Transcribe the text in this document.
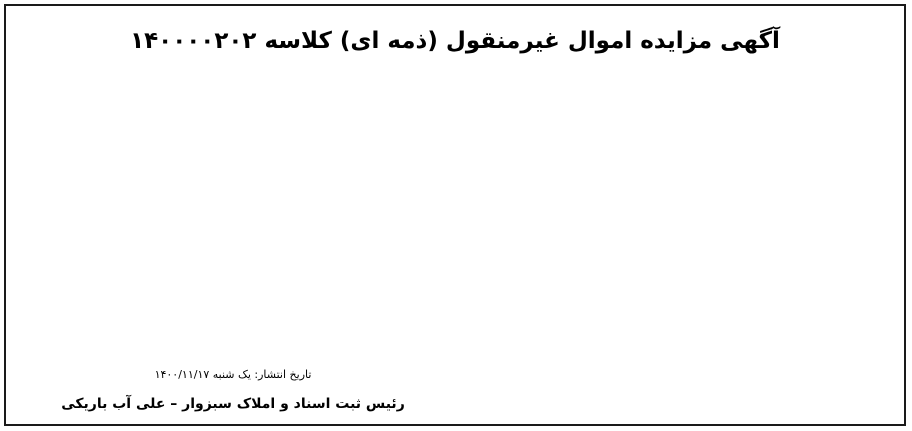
آگهی مزایده اموال غیرمنقول (ذمه ای) کلاسه ۱۴۰۰۰۰۲۰۲
تاریخ انتشار: یک شنبه ۱۴۰۰/۱۱/۱۷
رئیس ثبت اسناد و املاک سبزوار – علی آب باریکی
